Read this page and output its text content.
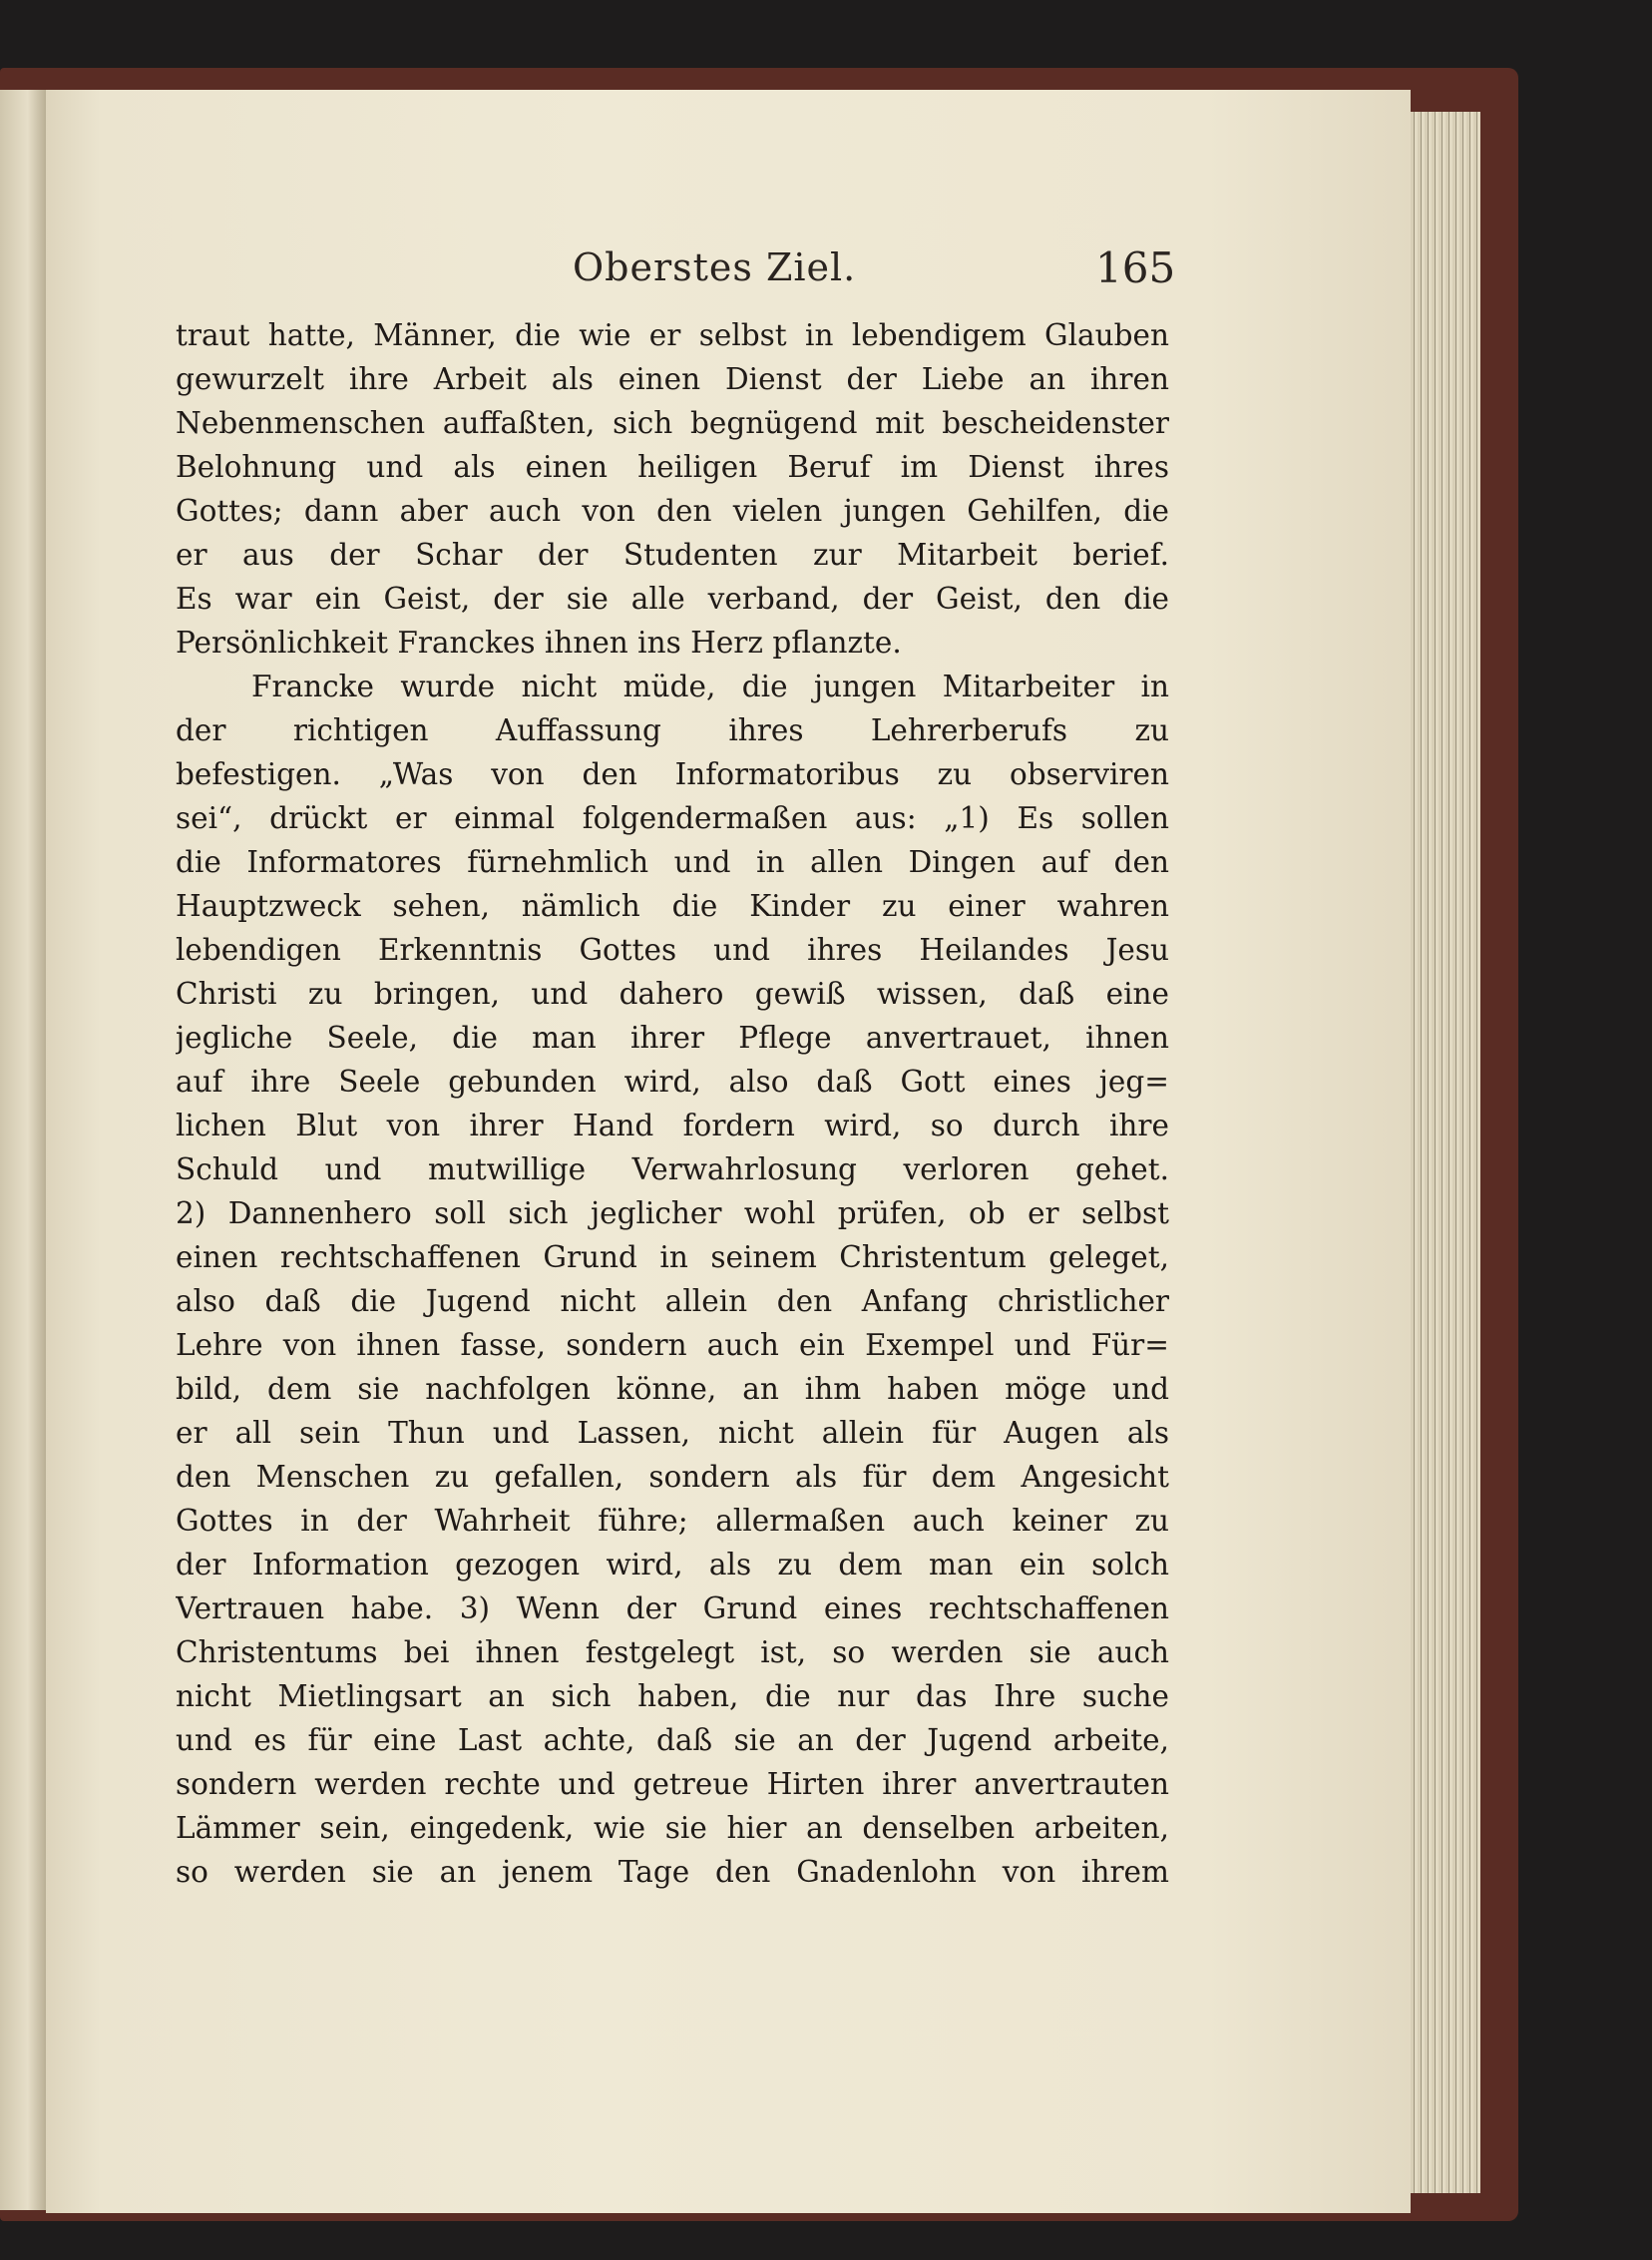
Oberstes Ziel.	165
traut hatte, Männer, die wie er selbst in lebendigem Glauben
gewurzelt ihre Arbeit als einen Dienst der Liebe an ihren
Nebenmenschen auffaßten, sich begnügend mit bescheidenster
Belohnung und als einen heiligen Beruf im Dienst ihres
Gottes; dann aber auch von den vielen jungen Gehilfen, die
er aus der Schar der Studenten zur Mitarbeit berief.
Es war ein Geist, der sie alle verband, der Geist, den die
Persönlichkeit Franckes ihnen ins Herz pflanzte.
Francke wurde nicht müde, die jungen Mitarbeiter in
der richtigen Auffassung ihres Lehrerberufs zu
befestigen. „Was von den Informatoribus zu observiren
sei“, drückt er einmal folgendermaßen aus: „1) Es sollen
die Informatores fürnehmlich und in allen Dingen auf den
Hauptzweck sehen, nämlich die Kinder zu einer wahren
lebendigen Erkenntnis Gottes und ihres Heilandes Jesu
Christi zu bringen, und dahero gewiß wissen, daß eine
jegliche Seele, die man ihrer Pflege anvertrauet, ihnen
auf ihre Seele gebunden wird, also daß Gott eines jeg=
lichen Blut von ihrer Hand fordern wird, so durch ihre
Schuld und mutwillige Verwahrlosung verloren gehet.
2) Dannenhero soll sich jeglicher wohl prüfen, ob er selbst
einen rechtschaffenen Grund in seinem Christentum geleget,
also daß die Jugend nicht allein den Anfang christlicher
Lehre von ihnen fasse, sondern auch ein Exempel und Für=
bild, dem sie nachfolgen könne, an ihm haben möge und
er all sein Thun und Lassen, nicht allein für Augen als
den Menschen zu gefallen, sondern als für dem Angesicht
Gottes in der Wahrheit führe; allermaßen auch keiner zu
der Information gezogen wird, als zu dem man ein solch
Vertrauen habe. 3) Wenn der Grund eines rechtschaffenen
Christentums bei ihnen festgelegt ist, so werden sie auch
nicht Mietlingsart an sich haben, die nur das Ihre suche
und es für eine Last achte, daß sie an der Jugend arbeite,
sondern werden rechte und getreue Hirten ihrer anvertrauten
Lämmer sein, eingedenk, wie sie hier an denselben arbeiten,
so werden sie an jenem Tage den Gnadenlohn von ihrem
